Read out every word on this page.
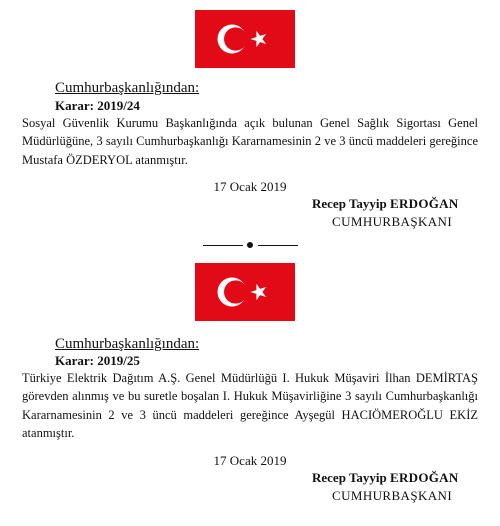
Cumhurbaşkanlığından:
Karar: 2019/24
Sosyal Güvenlik Kurumu Başkanlığında açık bulunan Genel Sağlık Sigortası Genel
Müdürlüğüne, 3 sayılı Cumhurbaşkanlığı Kararnamesinin 2 ve 3 üncü maddeleri gereğince
Mustafa ÖZDERYOL atanmıştır.
17 Ocak 2019
Recep Tayyip ERDOĞAN
CUMHURBAŞKANI
Cumhurbaşkanlığından:
Karar: 2019/25
Türkiye Elektrik Dağıtım A.Ş. Genel Müdürlüğü I. Hukuk Müşaviri İlhan DEMİRTAŞ
görevden alınmış ve bu suretle boşalan I. Hukuk Müşavirliğine 3 sayılı Cumhurbaşkanlığı
Kararnamesinin 2 ve 3 üncü maddeleri gereğince Ayşegül HACIÖMEROĞLU EKİZ
atanmıştır.
17 Ocak 2019
Recep Tayyip ERDOĞAN
CUMHURBAŞKANI
